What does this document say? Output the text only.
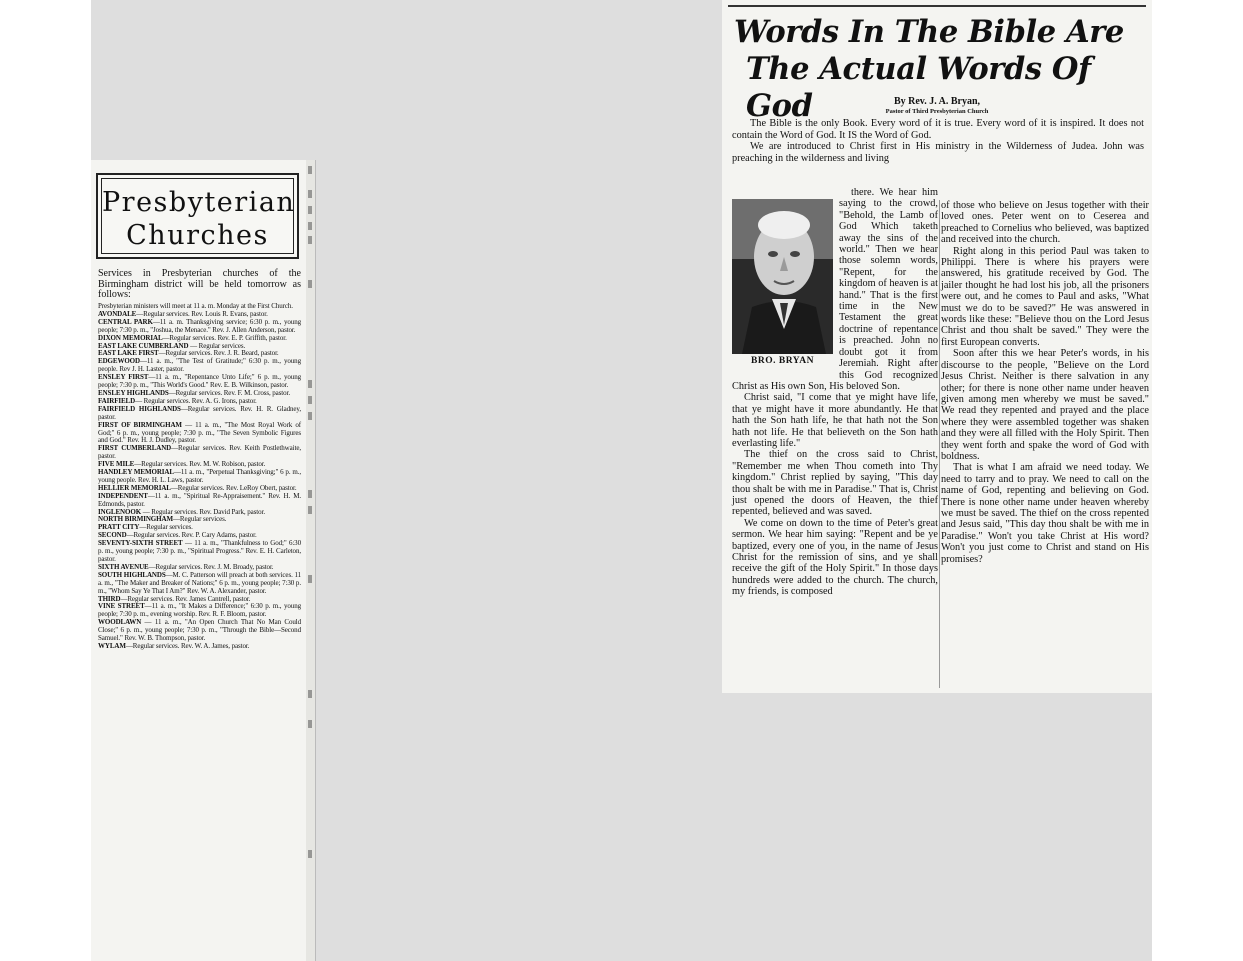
Presbyterian
Churches
Services in Presbyterian churches of the Birmingham district will be held tomorrow as follows:

Presbyterian ministers will meet at 11 a. m. Monday at the First Church.

AVONDALE—Regular services. Rev. Louis R. Evans, pastor.

CENTRAL PARK—11 a. m. Thanksgiving service; 6:30 p. m., young people; 7:30 p. m., "Joshua, the Menace." Rev. J. Allen Anderson, pastor.

DIXON MEMORIAL—Regular services. Rev. E. P. Griffith, pastor.

EAST LAKE CUMBERLAND — Regular services.

EAST LAKE FIRST—Regular services. Rev. J. R. Beard, pastor.

EDGEWOOD—11 a. m., "The Test of Gratitude;" 6:30 p. m., young people. Rev J. H. Laster, pastor.

ENSLEY FIRST—11 a. m., "Repentance Unto Life;" 6 p. m., young people; 7:30 p. m., "This World's Good." Rev. E. B. Wilkinson, pastor.

ENSLEY HIGHLANDS—Regular services. Rev. F. M. Cross, pastor.

FAIRFIELD— Regular services. Rev. A. G. Irons, pastor.

FAIRFIELD HIGHLANDS—Regular services. Rev. H. R. Gladney, pastor.

FIRST OF BIRMINGHAM — 11 a. m., "The Most Royal Work of God;" 6 p. m., young people; 7:30 p. m., "The Seven Symbolic Figures and God." Rev. H. J. Dudley, pastor.

FIRST CUMBERLAND—Regular services. Rev. Keith Postlethwaite, pastor.

FIVE MILE—Regular services. Rev. M. W. Robison, pastor.

HANDLEY MEMORIAL—11 a. m., "Perpetual Thanksgiving;" 6 p. m., young people. Rev. H. L. Laws, pastor.

HELLIER MEMORIAL—Regular services. Rev. LeRoy Obert, pastor.

INDEPENDENT—11 a. m., "Spiritual Re-Appraisement." Rev. H. M. Edmonds, pastor.

INGLENOOK — Regular services. Rev. David Park, pastor.

NORTH BIRMINGHAM—Regular services.

PRATT CITY—Regular services.

SECOND—Regular services. Rev. P. Cary Adams, pastor.

SEVENTY-SIXTH STREET — 11 a. m., "Thankfulness to God;" 6:30 p. m., young people; 7:30 p. m., "Spiritual Progress." Rev. E. H. Carleton, pastor.

SIXTH AVENUE—Regular services. Rev. J. M. Broady, pastor.

SOUTH HIGHLANDS—M. C. Patterson will preach at both services. 11 a. m., "The Maker and Breaker of Nations;" 6 p. m., young people; 7:30 p. m., "Whom Say Ye That I Am?" Rev. W. A. Alexander, pastor.

THIRD—Regular services. Rev. James Cantrell, pastor.

VINE STREET—11 a. m., "It Makes a Difference;" 6:30 p. m., young people; 7:30 p. m., evening worship. Rev. R. F. Bloom, pastor.

WOODLAWN — 11 a. m., "An Open Church That No Man Could Close;" 6 p. m., young people; 7:30 p. m., "Through the Bible—Second Samuel." Rev. W. B. Thompson, pastor.

WYLAM—Regular services. Rev. W. A. James, pastor.

Words In The Bible Are
The Actual Words Of God	By Rev. J. A. Bryan,
Pastor of Third Presbyterian Church

The Bible is the only Book. Every word of it is true. Every word of it is inspired. It does not contain the Word of God. It IS the Word of God.

We are introduced to Christ first in His ministry in the Wilderness of Judea. John was preaching in the wilderness and living

BRO. BRYAN

there. We hear him saying to the crowd, "Behold, the Lamb of God Which taketh away the sins of the world." Then we hear those solemn words, "Repent, for the kingdom of heaven is at hand." That is the first time in the New Testament the great doctrine of repentance is preached. John no doubt got it from Jeremiah. Right after this God recognized Christ as His own Son, His beloved Son.

Christ said, "I come that ye might have life, that ye might have it more abundantly. He that hath the Son hath life, he that hath not the Son hath not life. He that believeth on the Son hath everlasting life."

The thief on the cross said to Christ, "Remember me when Thou cometh into Thy kingdom." Christ replied by saying, "This day thou shalt be with me in Paradise." That is, Christ just opened the doors of Heaven, the thief repented, believed and was saved.

We come on down to the time of Peter's great sermon. We hear him saying: "Repent and be ye baptized, every one of you, in the name of Jesus Christ for the remission of sins, and ye shall receive the gift of the Holy Spirit." In those days hundreds were added to the church. The church, my friends, is composed

of those who believe on Jesus together with their loved ones. Peter went on to Ceserea and preached to Cornelius who believed, was baptized and received into the church.

Right along in this period Paul was taken to Philippi. There is where his prayers were answered, his gratitude received by God. The jailer thought he had lost his job, all the prisoners were out, and he comes to Paul and asks, "What must we do to be saved?" He was answered in words like these: "Believe thou on the Lord Jesus Christ and thou shalt be saved." They were the first European converts.

Soon after this we hear Peter's words, in his discourse to the people, "Believe on the Lord Jesus Christ. Neither is there salvation in any other; for there is none other name under heaven given among men whereby we must be saved." We read they repented and prayed and the place where they were assembled together was shaken and they were all filled with the Holy Spirit. Then they went forth and spake the word of God with boldness.

That is what I am afraid we need today. We need to tarry and to pray. We need to call on the name of God, repenting and believing on God. There is none other name under heaven whereby we must be saved. The thief on the cross repented and Jesus said, "This day thou shalt be with me in Paradise." Won't you take Christ at His word? Won't you just come to Christ and stand on His promises?
